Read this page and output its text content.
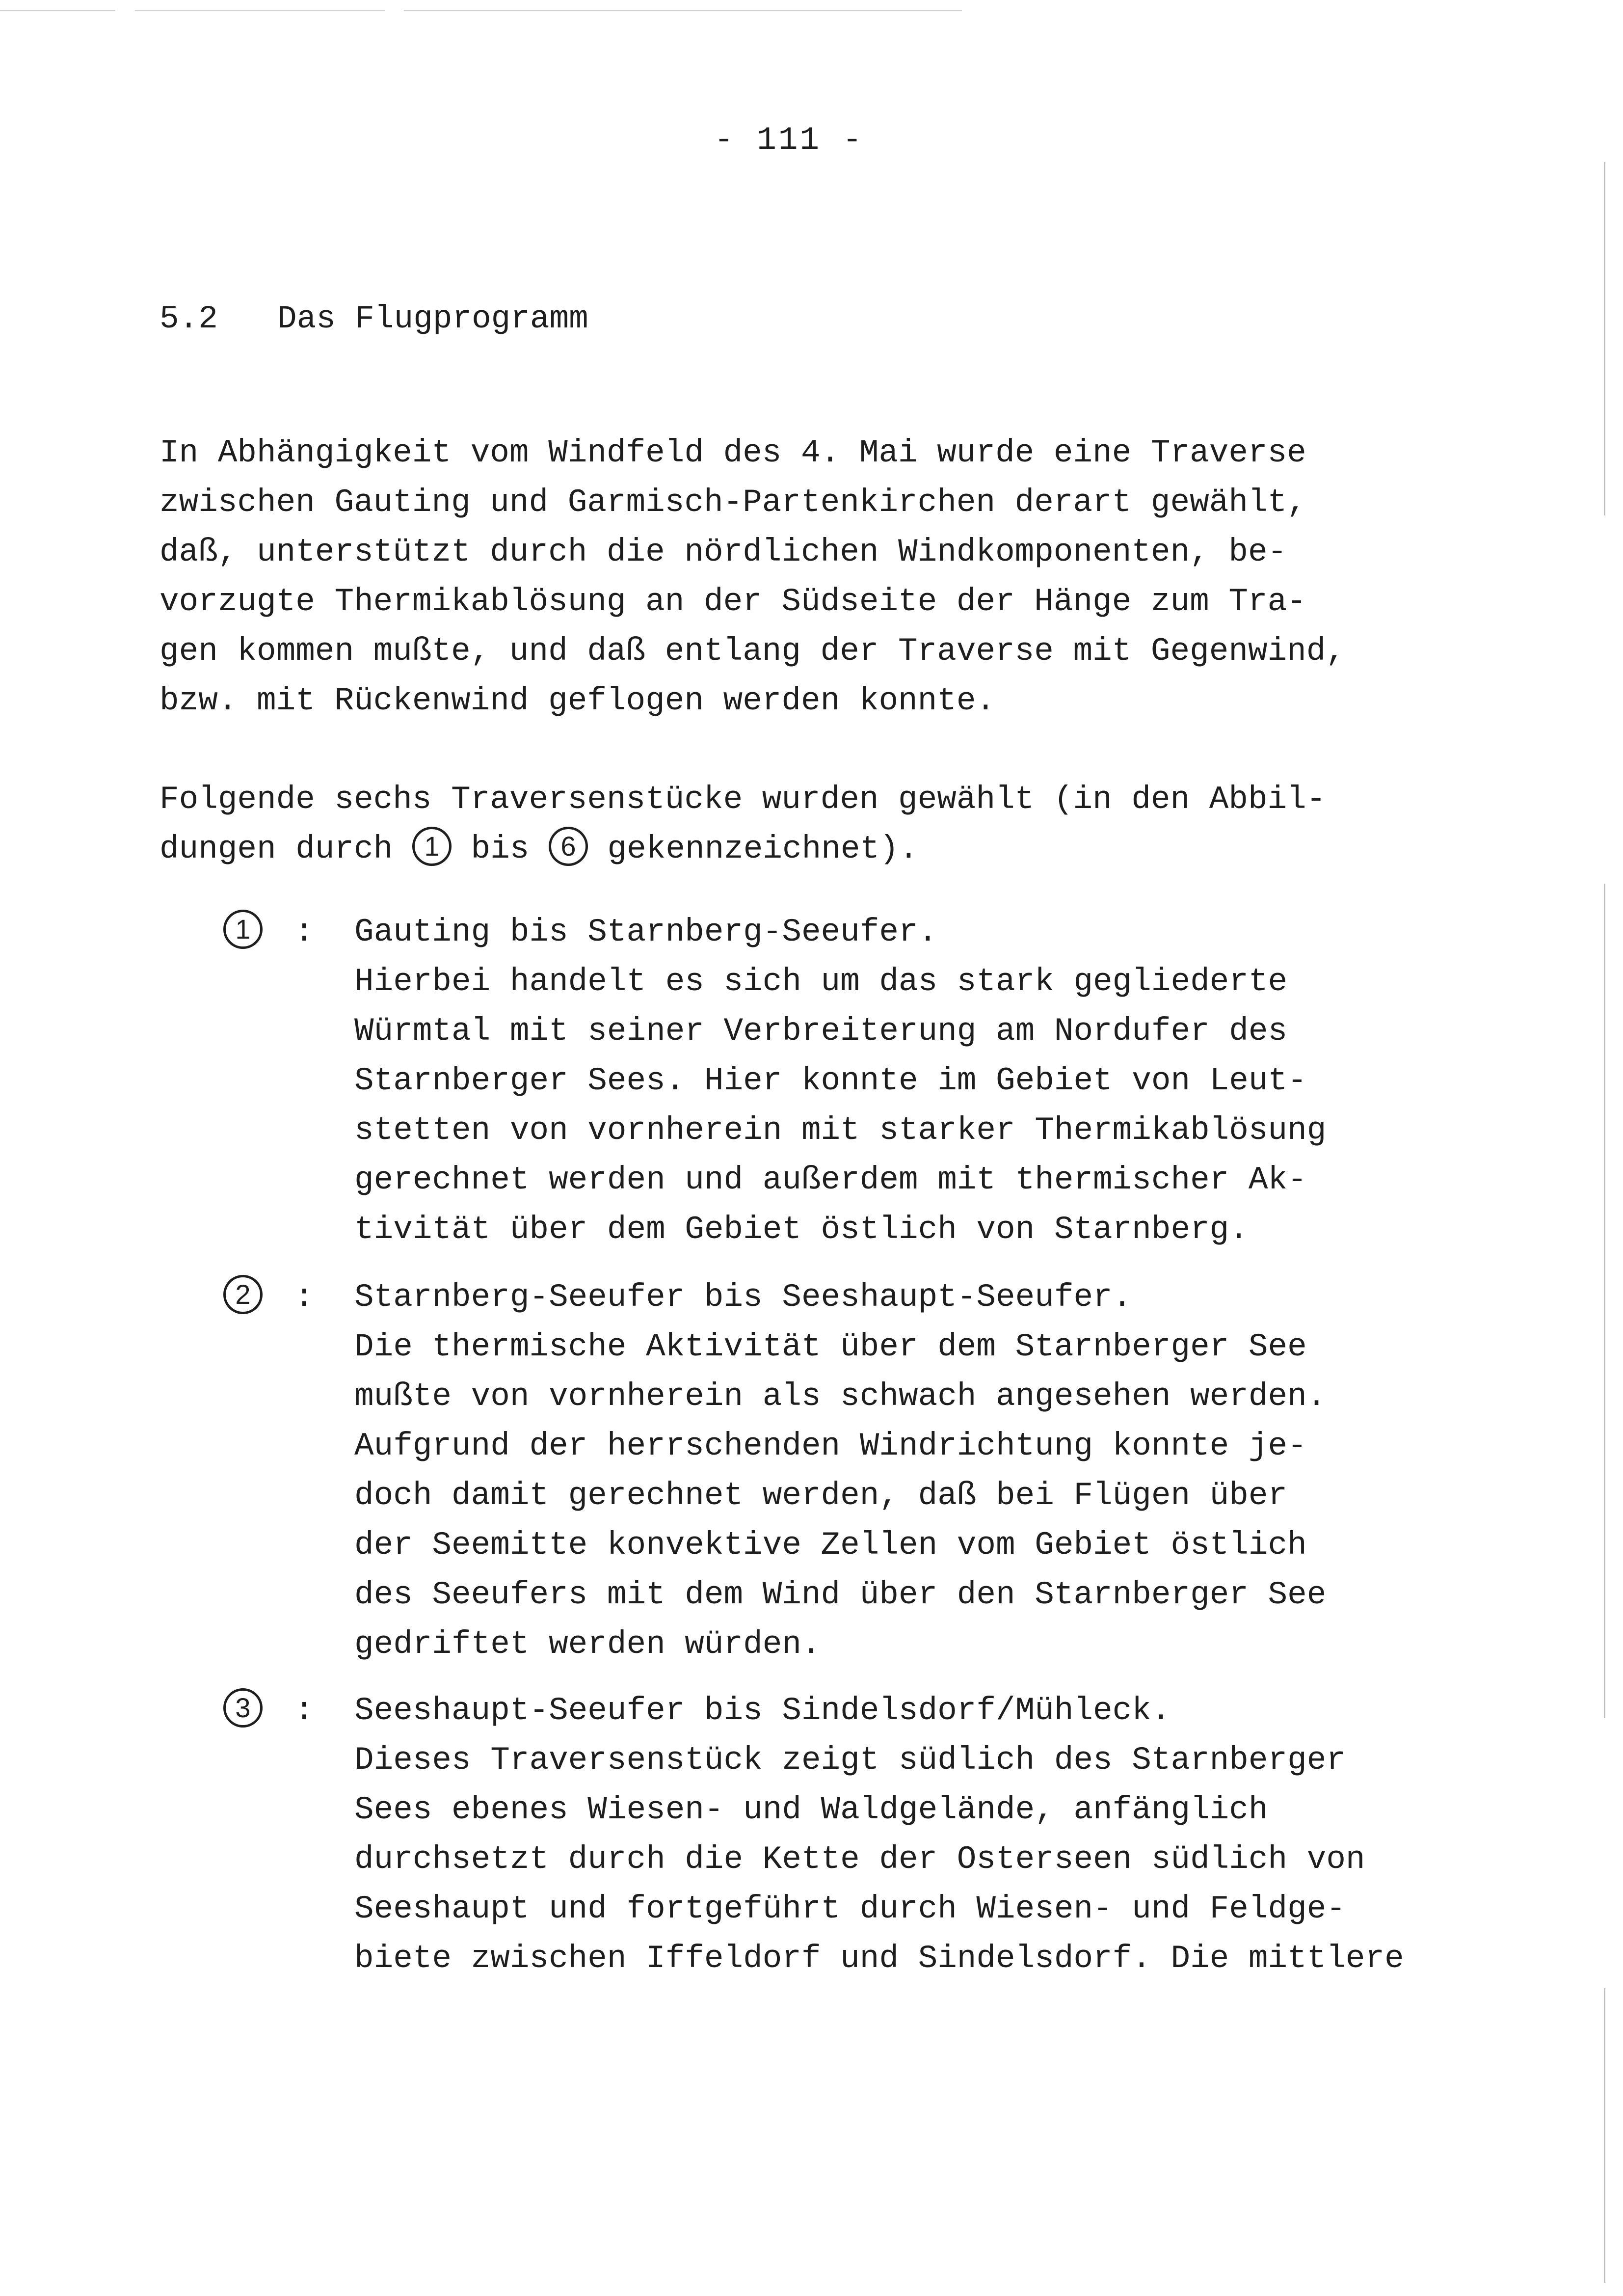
- 111 -
5.2 Das Flugprogramm
In Abhängigkeit vom Windfeld des 4. Mai wurde eine Traverse
zwischen Gauting und Garmisch-Partenkirchen derart gewählt,
daß, unterstützt durch die nördlichen Windkomponenten, be-
vorzugte Thermikablösung an der Südseite der Hänge zum Tra-
gen kommen mußte, und daß entlang der Traverse mit Gegenwind,
bzw. mit Rückenwind geflogen werden konnte.
Folgende sechs Traversenstücke wurden gewählt (in den Abbil-
dungen durch 1 bis 6 gekennzeichnet).
1	: Gauting bis Starnberg-Seeufer.
Hierbei handelt es sich um das stark gegliederte
Würmtal mit seiner Verbreiterung am Nordufer des
Starnberger Sees. Hier konnte im Gebiet von Leut-
stetten von vornherein mit starker Thermikablösung
gerechnet werden und außerdem mit thermischer Ak-
tivität über dem Gebiet östlich von Starnberg.
2	: Starnberg-Seeufer bis Seeshaupt-Seeufer.
Die thermische Aktivität über dem Starnberger See
mußte von vornherein als schwach angesehen werden.
Aufgrund der herrschenden Windrichtung konnte je-
doch damit gerechnet werden, daß bei Flügen über
der Seemitte konvektive Zellen vom Gebiet östlich
des Seeufers mit dem Wind über den Starnberger See
gedriftet werden würden.
3	: Seeshaupt-Seeufer bis Sindelsdorf/Mühleck.
Dieses Traversenstück zeigt südlich des Starnberger
Sees ebenes Wiesen- und Waldgelände, anfänglich
durchsetzt durch die Kette der Osterseen südlich von
Seeshaupt und fortgeführt durch Wiesen- und Feldge-
biete zwischen Iffeldorf und Sindelsdorf. Die mittlere
